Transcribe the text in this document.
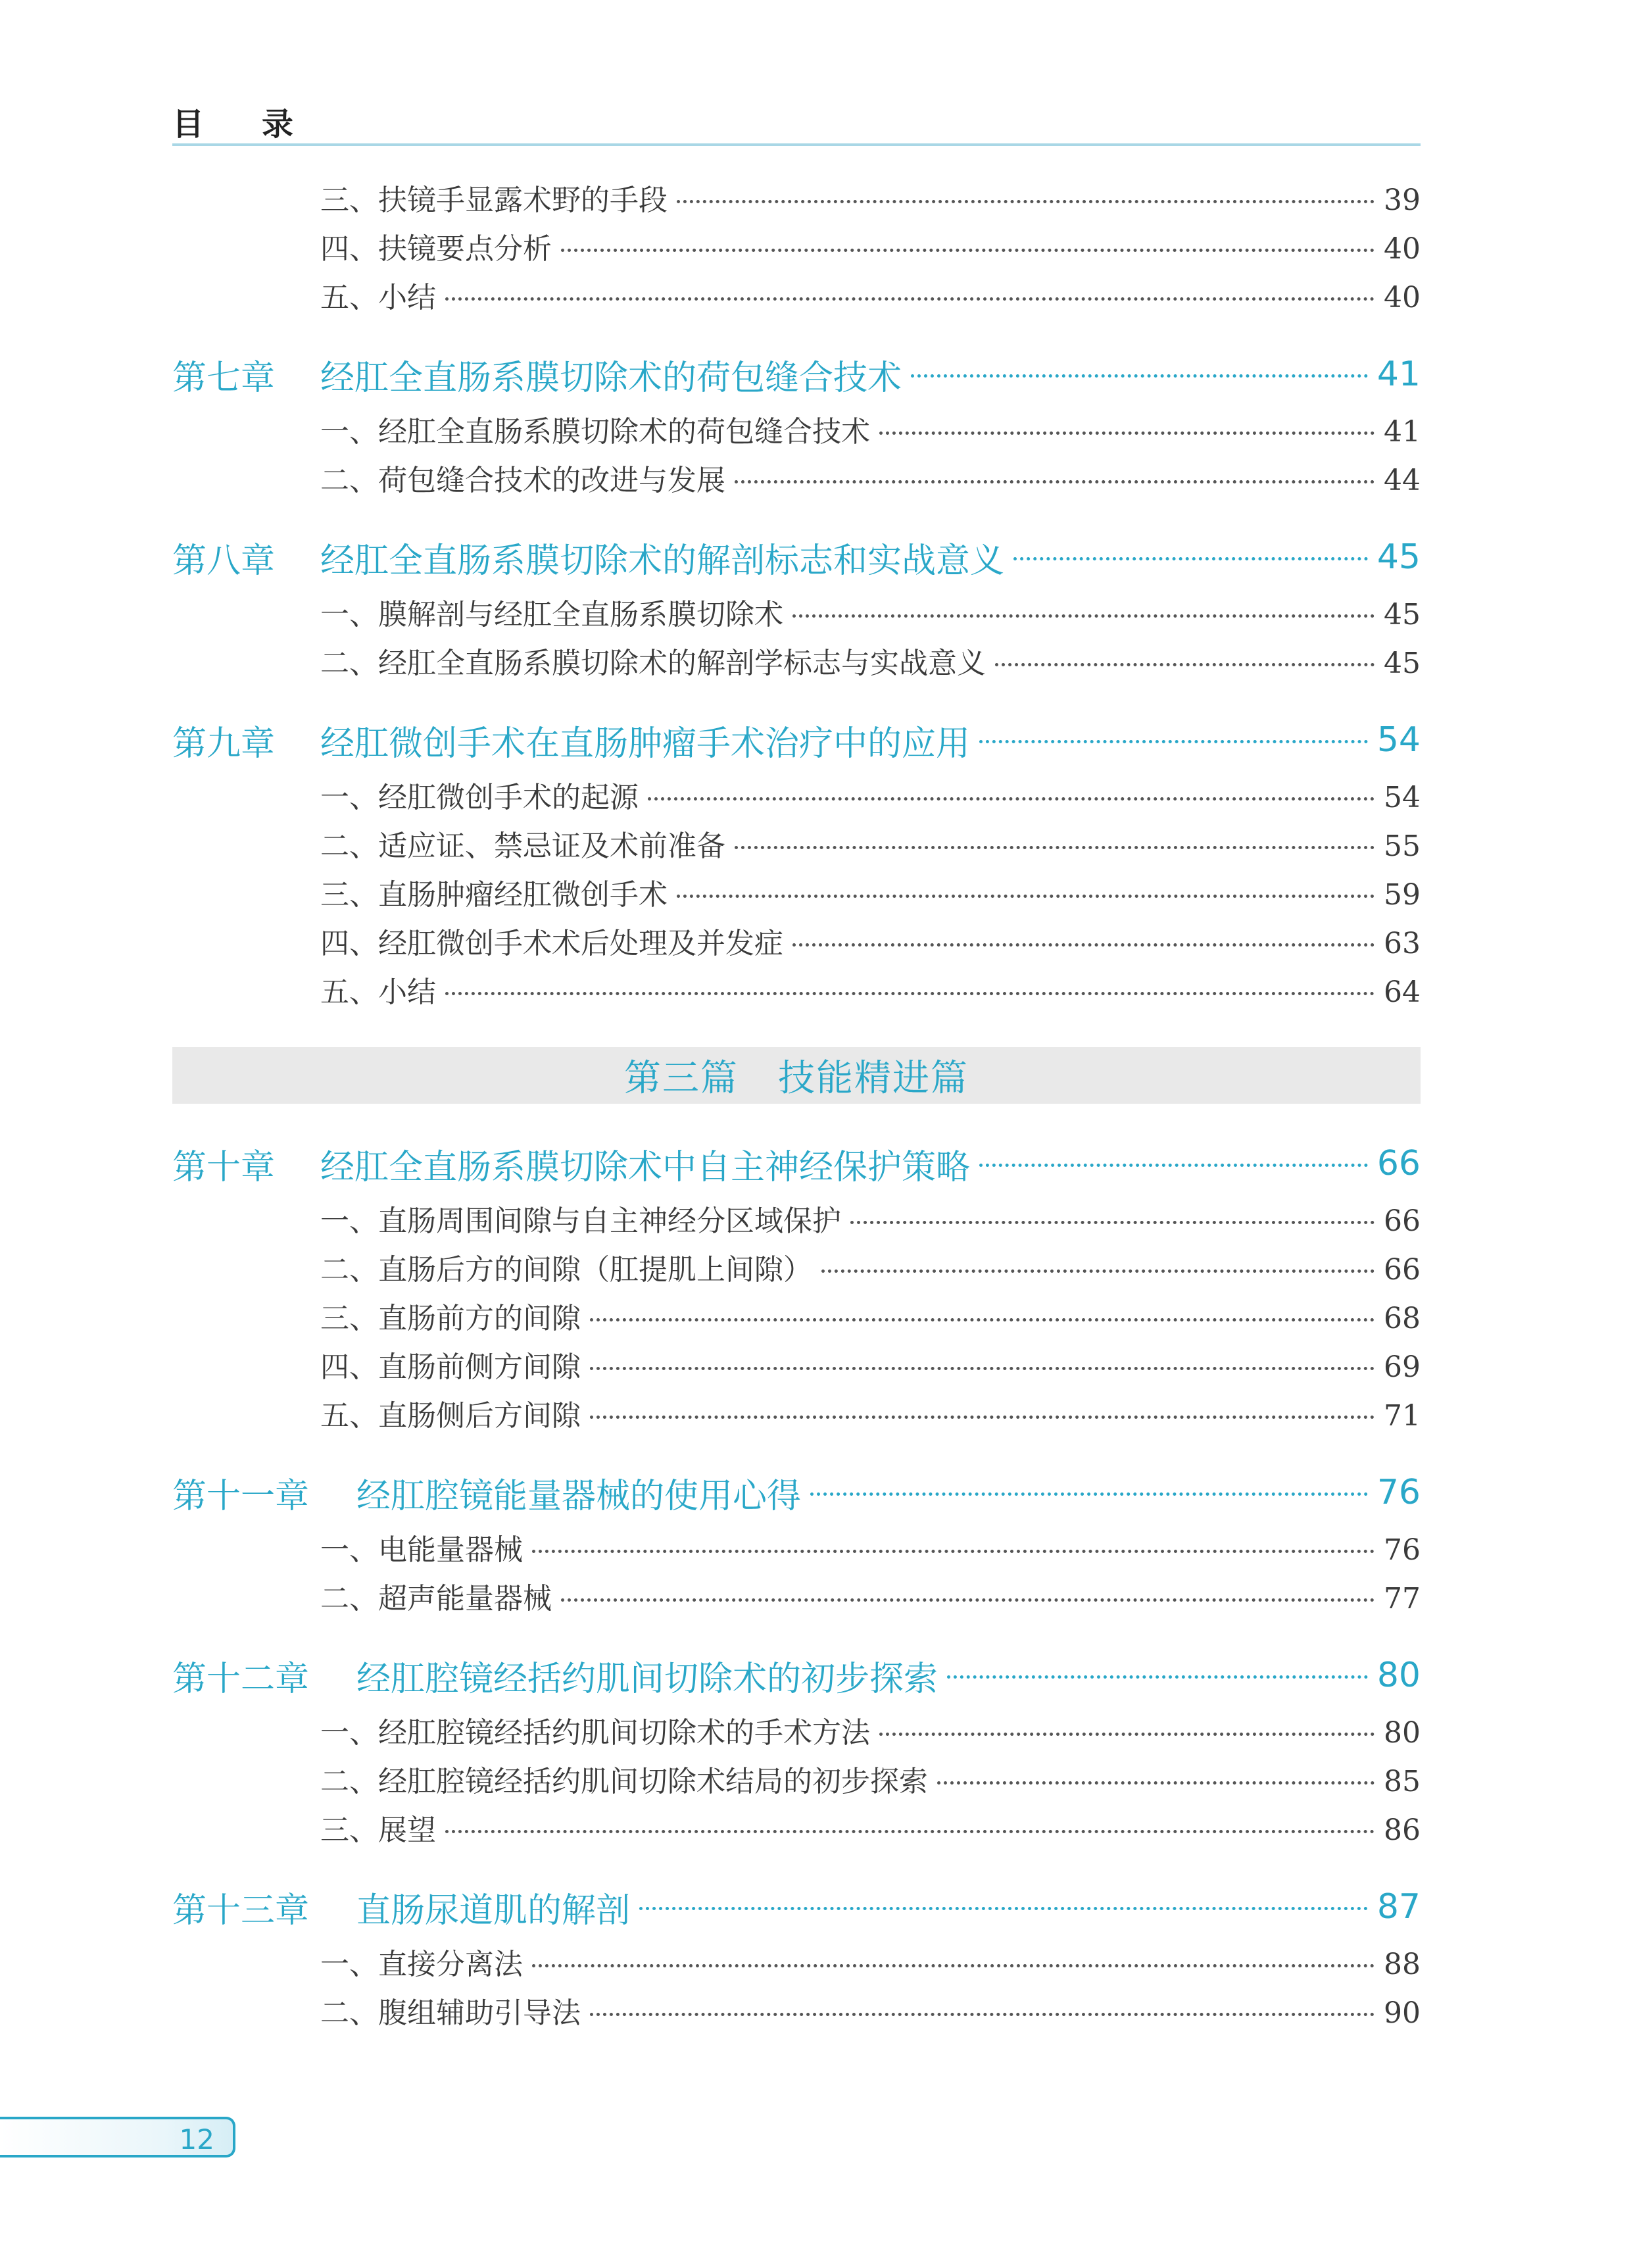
目录
三、扶镜手显露术野的手段	39
四、扶镜要点分析	40
五、小结	40
第七章	经肛全直肠系膜切除术的荷包缝合技术	41
一、经肛全直肠系膜切除术的荷包缝合技术	41
二、荷包缝合技术的改进与发展	44
第八章	经肛全直肠系膜切除术的解剖标志和实战意义	45
一、膜解剖与经肛全直肠系膜切除术	45
二、经肛全直肠系膜切除术的解剖学标志与实战意义	45
第九章	经肛微创手术在直肠肿瘤手术治疗中的应用	54
一、经肛微创手术的起源	54
二、适应证、禁忌证及术前准备	55
三、直肠肿瘤经肛微创手术	59
四、经肛微创手术术后处理及并发症	63
五、小结	64
第三篇 技能精进篇
第十章	经肛全直肠系膜切除术中自主神经保护策略	66
一、直肠周围间隙与自主神经分区域保护	66
二、直肠后方的间隙（肛提肌上间隙）	66
三、直肠前方的间隙	68
四、直肠前侧方间隙	69
五、直肠侧后方间隙	71
第十一章	经肛腔镜能量器械的使用心得	76
一、电能量器械	76
二、超声能量器械	77
第十二章	经肛腔镜经括约肌间切除术的初步探索	80
一、经肛腔镜经括约肌间切除术的手术方法	80
二、经肛腔镜经括约肌间切除术结局的初步探索	85
三、展望	86
第十三章	直肠尿道肌的解剖	87
一、直接分离法	88
二、腹组辅助引导法	90
12
